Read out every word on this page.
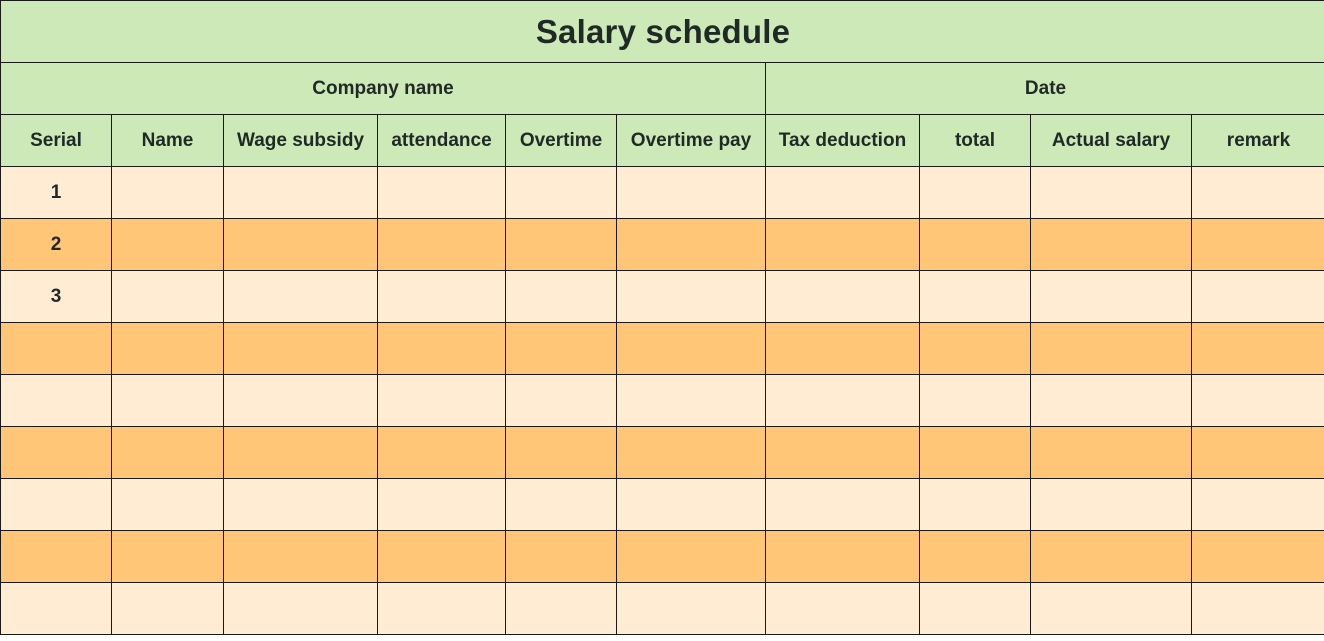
Salary schedule									
Company name						Date			
Serial	Name	Wage subsidy	attendance	Overtime	Overtime pay	Tax deduction	total	Actual salary	remark
1									
2									
3									
